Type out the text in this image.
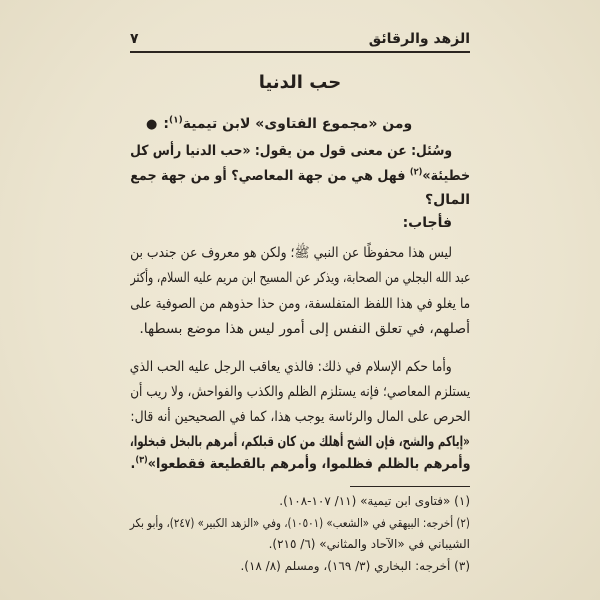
٧	الزهد والرقائق
حب الدنيا
●	ومن «مجموع الفتاوى» لابن تيمية$^{(١)}$:
وسُئل: عن معنى قول من يقول: «حب الدنيا رأس كل
خطيئة»$^{(٢)}$ فهل هي من جهة المعاصي؟ أو من جهة جمع
المال؟
فأجاب:
ليس هذا محفوظًا عن النبي ﷺ؛ ولكن هو معروف عن جندب بن
عبد الله البجلي من الصحابة، ويذكر عن المسيح ابن مريم عليه السلام، وأكثر
ما يغلو في هذا اللفظ المتفلسفة، ومن حذا حذوهم من الصوفية على
أصلهم، في تعلق النفس إلى أمور ليس هذا موضع بسطها.
وأما حكم الإسلام في ذلك: فالذي يعاقب الرجل عليه الحب الذي
يستلزم المعاصي؛ فإنه يستلزم الظلم والكذب والفواحش، ولا ريب أن
الحرص على المال والرئاسة يوجب هذا، كما في الصحيحين أنه قال:
«إياكم والشح، فإن الشح أهلك من كان قبلكم، أمرهم بالبخل فبخلوا،
وأمرهم بالظلم فظلموا، وأمرهم بالقطيعة فقطعوا»$^{(٣)}$.
(١) «فتاوى ابن تيمية» (١١/ ١٠٧-١٠٨).
(٢) أخرجه: البيهقي في «الشعب» (١٠٥٠١)، وفي «الزهد الكبير» (٢٤٧)، وأبو بكر
الشيباني في «الآحاد والمثاني» (٦/ ٢١٥).
(٣) أخرجه: البخاري (٣/ ١٦٩)، ومسلم (٨/ ١٨).
